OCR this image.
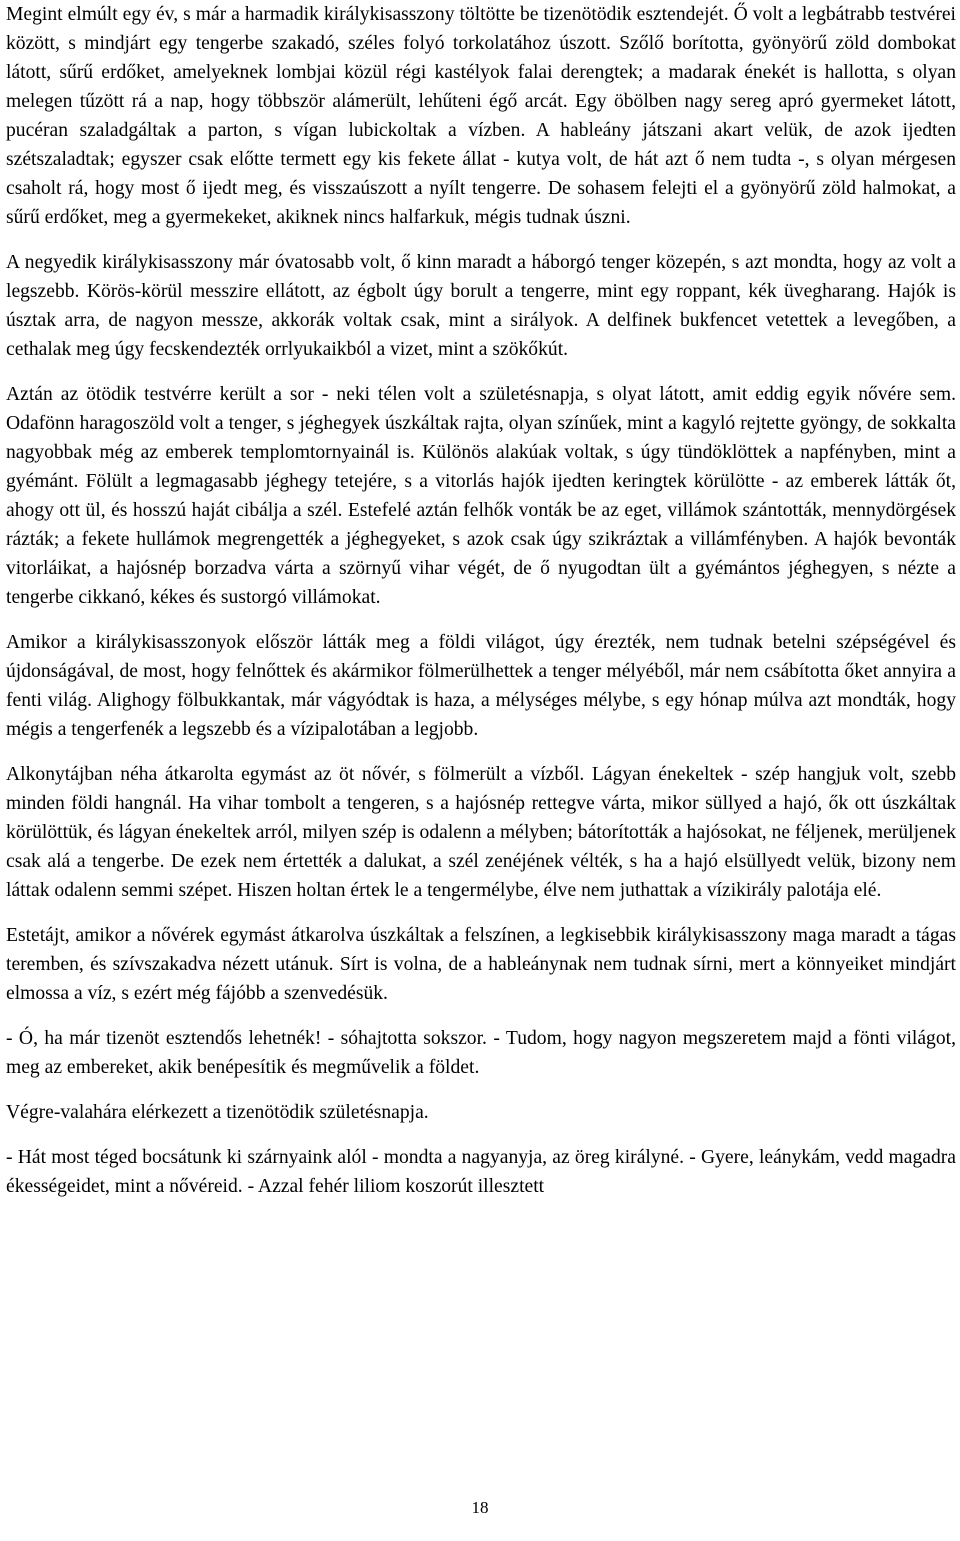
Megint elmúlt egy év, s már a harmadik királykisasszony töltötte be tizenötödik esztendejét. Ő volt a legbátrabb testvérei között, s mindjárt egy tengerbe szakadó, széles folyó torkolatához úszott. Szőlő borította, gyönyörű zöld dombokat látott, sűrű erdőket, amelyeknek lombjai közül régi kastélyok falai derengtek; a madarak énekét is hallotta, s olyan melegen tűzött rá a nap, hogy többször alámerült, lehűteni égő arcát. Egy öbölben nagy sereg apró gyermeket látott, pucéran szaladgáltak a parton, s vígan lubickoltak a vízben. A hableány játszani akart velük, de azok ijedten szétszaladtak; egyszer csak előtte termett egy kis fekete állat - kutya volt, de hát azt ő nem tudta -, s olyan mérgesen csaholt rá, hogy most ő ijedt meg, és visszaúszott a nyílt tengerre. De sohasem felejti el a gyönyörű zöld halmokat, a sűrű erdőket, meg a gyermekeket, akiknek nincs halfarkuk, mégis tudnak úszni.

A negyedik királykisasszony már óvatosabb volt, ő kinn maradt a háborgó tenger közepén, s azt mondta, hogy az volt a legszebb. Körös-körül messzire ellátott, az égbolt úgy borult a tengerre, mint egy roppant, kék üvegharang. Hajók is úsztak arra, de nagyon messze, akkorák voltak csak, mint a sirályok. A delfinek bukfencet vetettek a levegőben, a cethalak meg úgy fecskendezték orrlyukaikból a vizet, mint a szökőkút.

Aztán az ötödik testvérre került a sor - neki télen volt a születésnapja, s olyat látott, amit eddig egyik nővére sem. Odafönn haragoszöld volt a tenger, s jéghegyek úszkáltak rajta, olyan színűek, mint a kagyló rejtette gyöngy, de sokkalta nagyobbak még az emberek templomtornyainál is. Különös alakúak voltak, s úgy tündöklöttek a napfényben, mint a gyémánt. Fölült a legmagasabb jéghegy tetejére, s a vitorlás hajók ijedten keringtek körülötte - az emberek látták őt, ahogy ott ül, és hosszú haját cibálja a szél. Estefelé aztán felhők vonták be az eget, villámok szántották, mennydörgések rázták; a fekete hullámok megrengették a jéghegyeket, s azok csak úgy szikráztak a villámfényben. A hajók bevonták vitorláikat, a hajósnép borzadva várta a szörnyű vihar végét, de ő nyugodtan ült a gyémántos jéghegyen, s nézte a tengerbe cikkanó, kékes és sustorgó villámokat.

Amikor a királykisasszonyok először látták meg a földi világot, úgy érezték, nem tudnak betelni szépségével és újdonságával, de most, hogy felnőttek és akármikor fölmerülhettek a tenger mélyéből, már nem csábította őket annyira a fenti világ. Alighogy fölbukkantak, már vágyódtak is haza, a mélységes mélybe, s egy hónap múlva azt mondták, hogy mégis a tengerfenék a legszebb és a vízipalotában a legjobb.

Alkonytájban néha átkarolta egymást az öt nővér, s fölmerült a vízből. Lágyan énekeltek - szép hangjuk volt, szebb minden földi hangnál. Ha vihar tombolt a tengeren, s a hajósnép rettegve várta, mikor süllyed a hajó, ők ott úszkáltak körülöttük, és lágyan énekeltek arról, milyen szép is odalenn a mélyben; bátorították a hajósokat, ne féljenek, merüljenek csak alá a tengerbe. De ezek nem értették a dalukat, a szél zenéjének vélték, s ha a hajó elsüllyedt velük, bizony nem láttak odalenn semmi szépet. Hiszen holtan értek le a tengermélybe, élve nem juthattak a vízikirály palotája elé.

Estetájt, amikor a nővérek egymást átkarolva úszkáltak a felszínen, a legkisebbik királykisasszony maga maradt a tágas teremben, és szívszakadva nézett utánuk. Sírt is volna, de a hableánynak nem tudnak sírni, mert a könnyeiket mindjárt elmossa a víz, s ezért még fájóbb a szenvedésük.

- Ó, ha már tizenöt esztendős lehetnék! - sóhajtotta sokszor. - Tudom, hogy nagyon megszeretem majd a fönti világot, meg az embereket, akik benépesítik és megművelik a földet.

Végre-valahára elérkezett a tizenötödik születésnapja.

- Hát most téged bocsátunk ki szárnyaink alól - mondta a nagyanyja, az öreg királyné. - Gyere, leánykám, vedd magadra ékességeidet, mint a nővéreid. - Azzal fehér liliom koszorút illesztett

18
